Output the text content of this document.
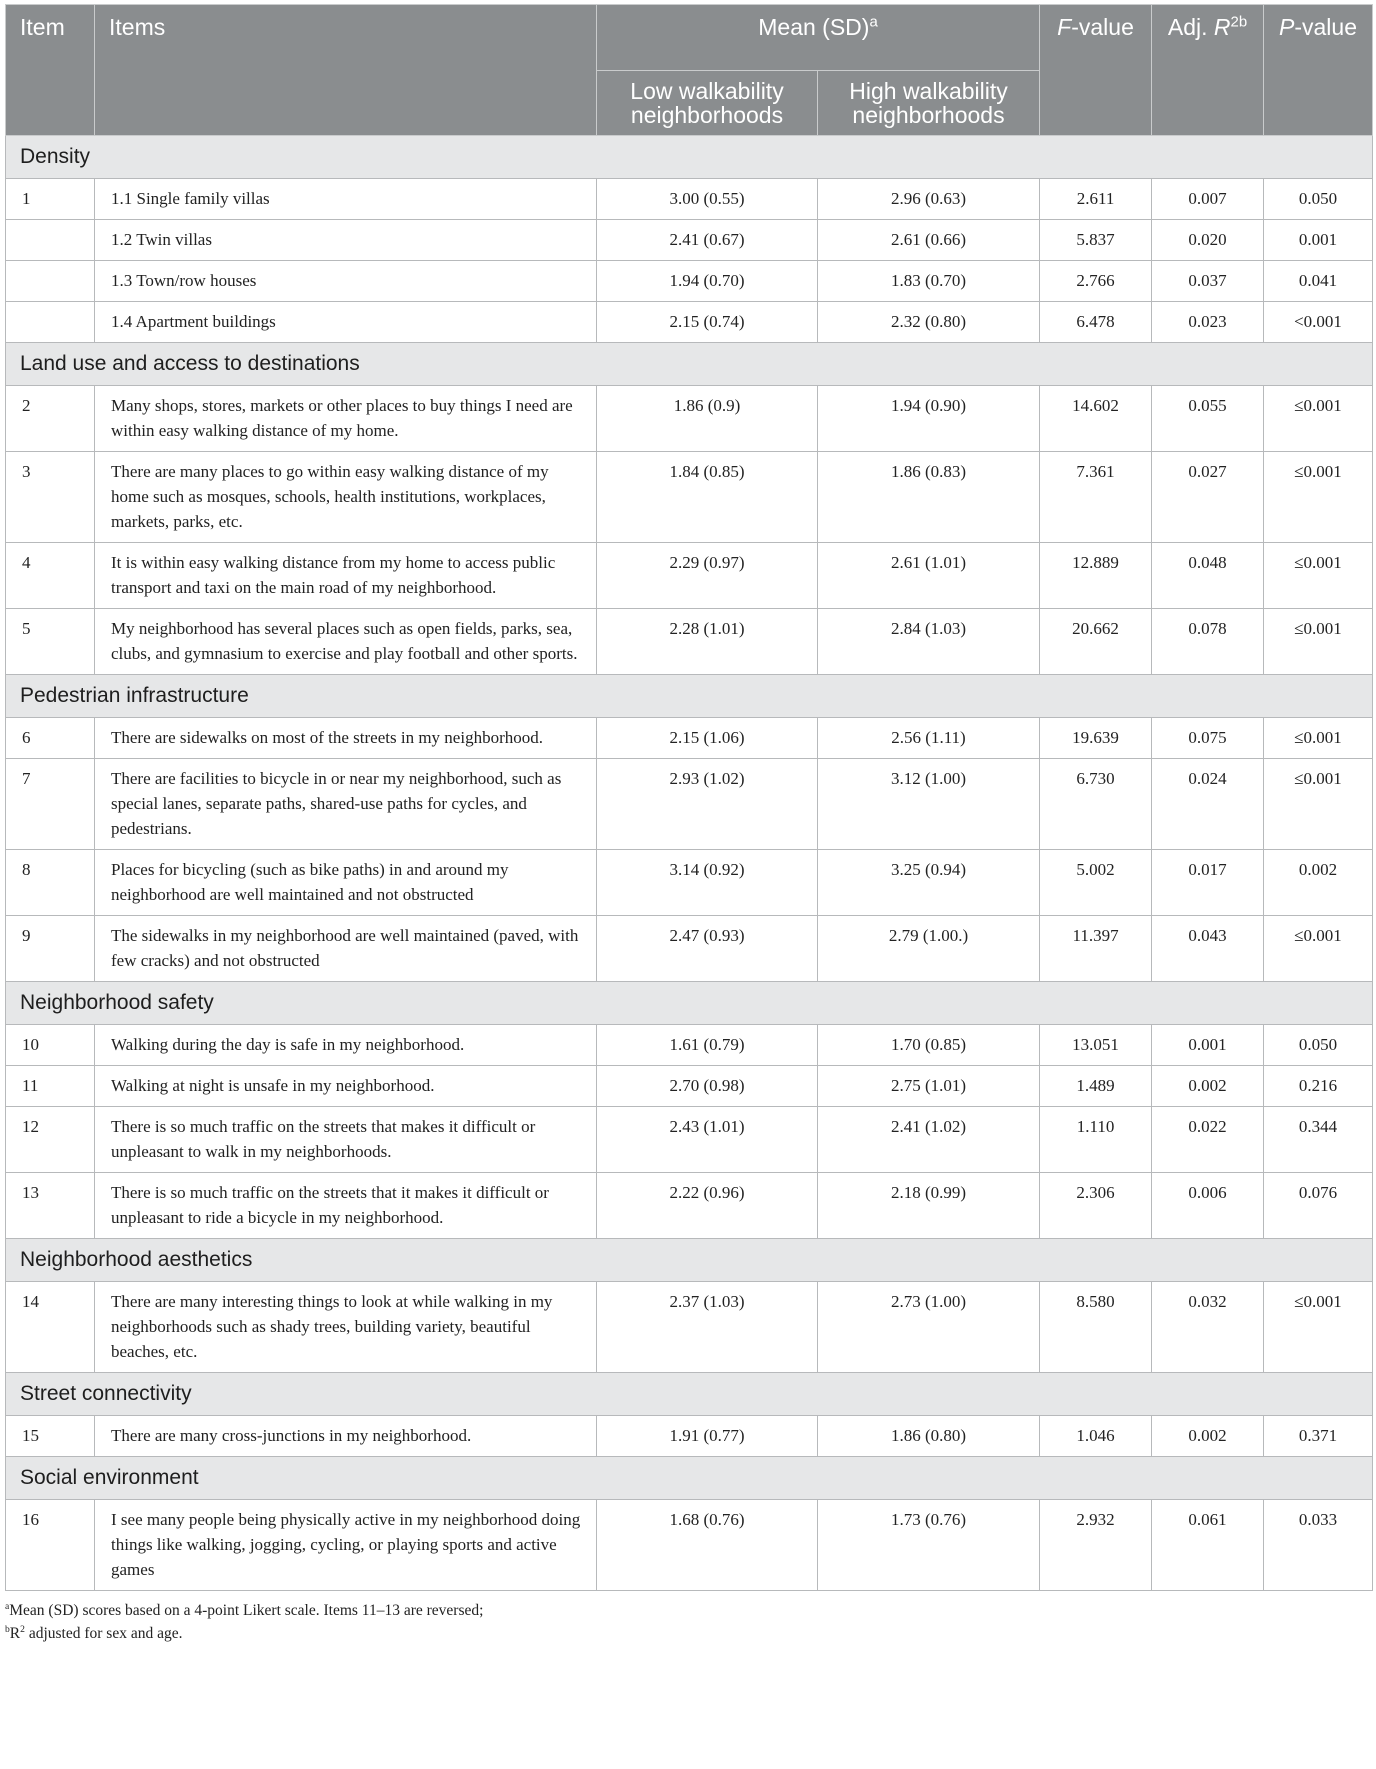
Item	Items	Mean (SD)$^a$		F-value	Adj. $R^{2b}$	P-value
		Low walkability neighborhoods	High walkability neighborhoods			
Density						
1	1.1 Single family villas	3.00 (0.55)	2.96 (0.63)	2.611	0.007	0.050
	1.2 Twin villas	2.41 (0.67)	2.61 (0.66)	5.837	0.020	0.001
	1.3 Town/row houses	1.94 (0.70)	1.83 (0.70)	2.766	0.037	0.041
	1.4 Apartment buildings	2.15 (0.74)	2.32 (0.80)	6.478	0.023	<0.001
Land use and access to destinations						
2	Many shops, stores, markets or other places to buy things I need are within easy walking distance of my home.	1.86 (0.9)	1.94 (0.90)	14.602	0.055	≤0.001
3	There are many places to go within easy walking distance of my home such as mosques, schools, health institutions, workplaces, markets, parks, etc.	1.84 (0.85)	1.86 (0.83)	7.361	0.027	≤0.001
4	It is within easy walking distance from my home to access public transport and taxi on the main road of my neighborhood.	2.29 (0.97)	2.61 (1.01)	12.889	0.048	≤0.001
5	My neighborhood has several places such as open fields, parks, sea, clubs, and gymnasium to exercise and play football and other sports.	2.28 (1.01)	2.84 (1.03)	20.662	0.078	≤0.001
Pedestrian infrastructure						
6	There are sidewalks on most of the streets in my neighborhood.	2.15 (1.06)	2.56 (1.11)	19.639	0.075	≤0.001
7	There are facilities to bicycle in or near my neighborhood, such as special lanes, separate paths, shared-use paths for cycles, and pedestrians.	2.93 (1.02)	3.12 (1.00)	6.730	0.024	≤0.001
8	Places for bicycling (such as bike paths) in and around my neighborhood are well maintained and not obstructed	3.14 (0.92)	3.25 (0.94)	5.002	0.017	0.002
9	The sidewalks in my neighborhood are well maintained (paved, with few cracks) and not obstructed	2.47 (0.93)	2.79 (1.00.)	11.397	0.043	≤0.001
Neighborhood safety						
10	Walking during the day is safe in my neighborhood.	1.61 (0.79)	1.70 (0.85)	13.051	0.001	0.050
11	Walking at night is unsafe in my neighborhood.	2.70 (0.98)	2.75 (1.01)	1.489	0.002	0.216
12	There is so much traffic on the streets that makes it difficult or unpleasant to walk in my neighborhoods.	2.43 (1.01)	2.41 (1.02)	1.110	0.022	0.344
13	There is so much traffic on the streets that it makes it difficult or unpleasant to ride a bicycle in my neighborhood.	2.22 (0.96)	2.18 (0.99)	2.306	0.006	0.076
Neighborhood aesthetics						
14	There are many interesting things to look at while walking in my neighborhoods such as shady trees, building variety, beautiful beaches, etc.	2.37 (1.03)	2.73 (1.00)	8.580	0.032	≤0.001
Street connectivity						
15	There are many cross-junctions in my neighborhood.	1.91 (0.77)	1.86 (0.80)	1.046	0.002	0.371
Social environment						
16	I see many people being physically active in my neighborhood doing things like walking, jogging, cycling, or playing sports and active games	1.68 (0.76)	1.73 (0.76)	2.932	0.061	0.033
$^a$Mean (SD) scores based on a 4-point Likert scale. Items 11–13 are reversed;
$^bR^2$ adjusted for sex and age.
